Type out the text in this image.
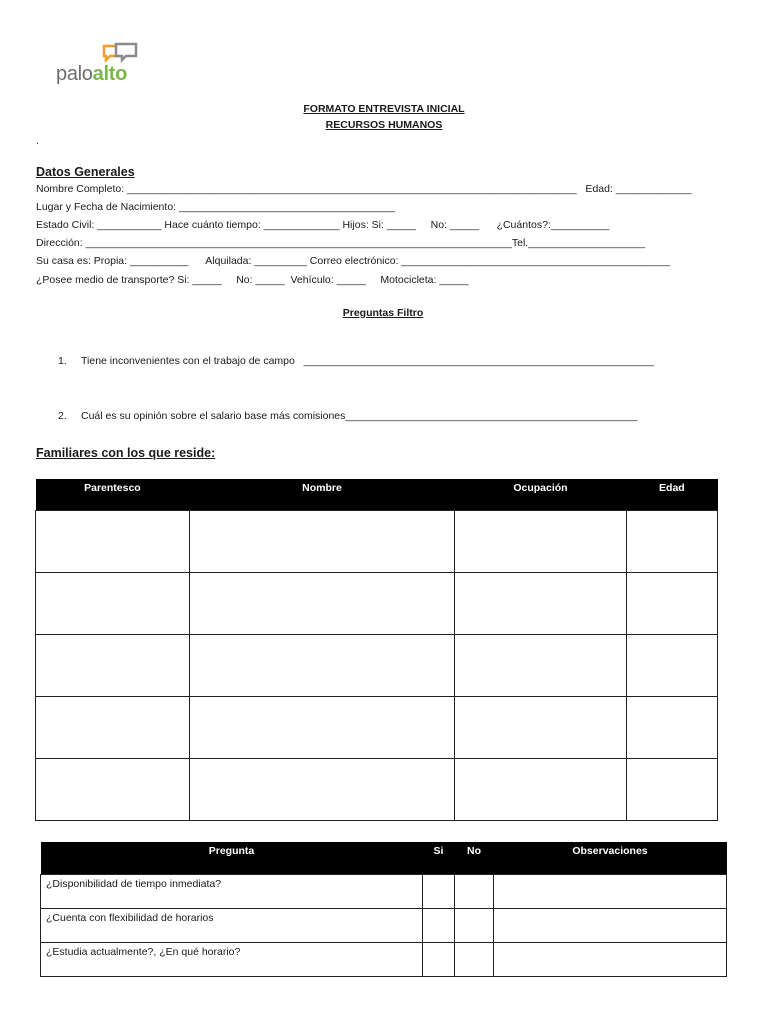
paloalto
FORMATO ENTREVISTA INICIAL
RECURSOS HUMANOS
.
Datos Generales
Nombre Completo: _____________________________________________________________________________   Edad: _____________
Lugar y Fecha de Nacimiento: _____________________________________
Estado Civil: ___________ Hace cuánto tiempo: _____________ Hijos: Si: _____     No: _____      ¿Cuántos?:__________
Dirección: _________________________________________________________________________Tel.____________________
Su casa es: Propia: __________      Alquilada: _________ Correo electrónico: ______________________________________________
¿Posee medio de transporte? Si: _____     No: _____  Vehículo: _____     Motocicleta: _____
Preguntas Filtro
1. Tiene inconvenientes con el trabajo de campo   ____________________________________________________________
2. Cuál es su opinión sobre el salario base más comisiones__________________________________________________
Familiares con los que reside:
Parentesco	Nombre	Ocupación	Edad

Pregunta	Si	No	Observaciones
¿Disponibilidad de tiempo inmediata?			
¿Cuenta con flexibilidad de horarios			
¿Estudia actualmente?, ¿En qué horario?			
